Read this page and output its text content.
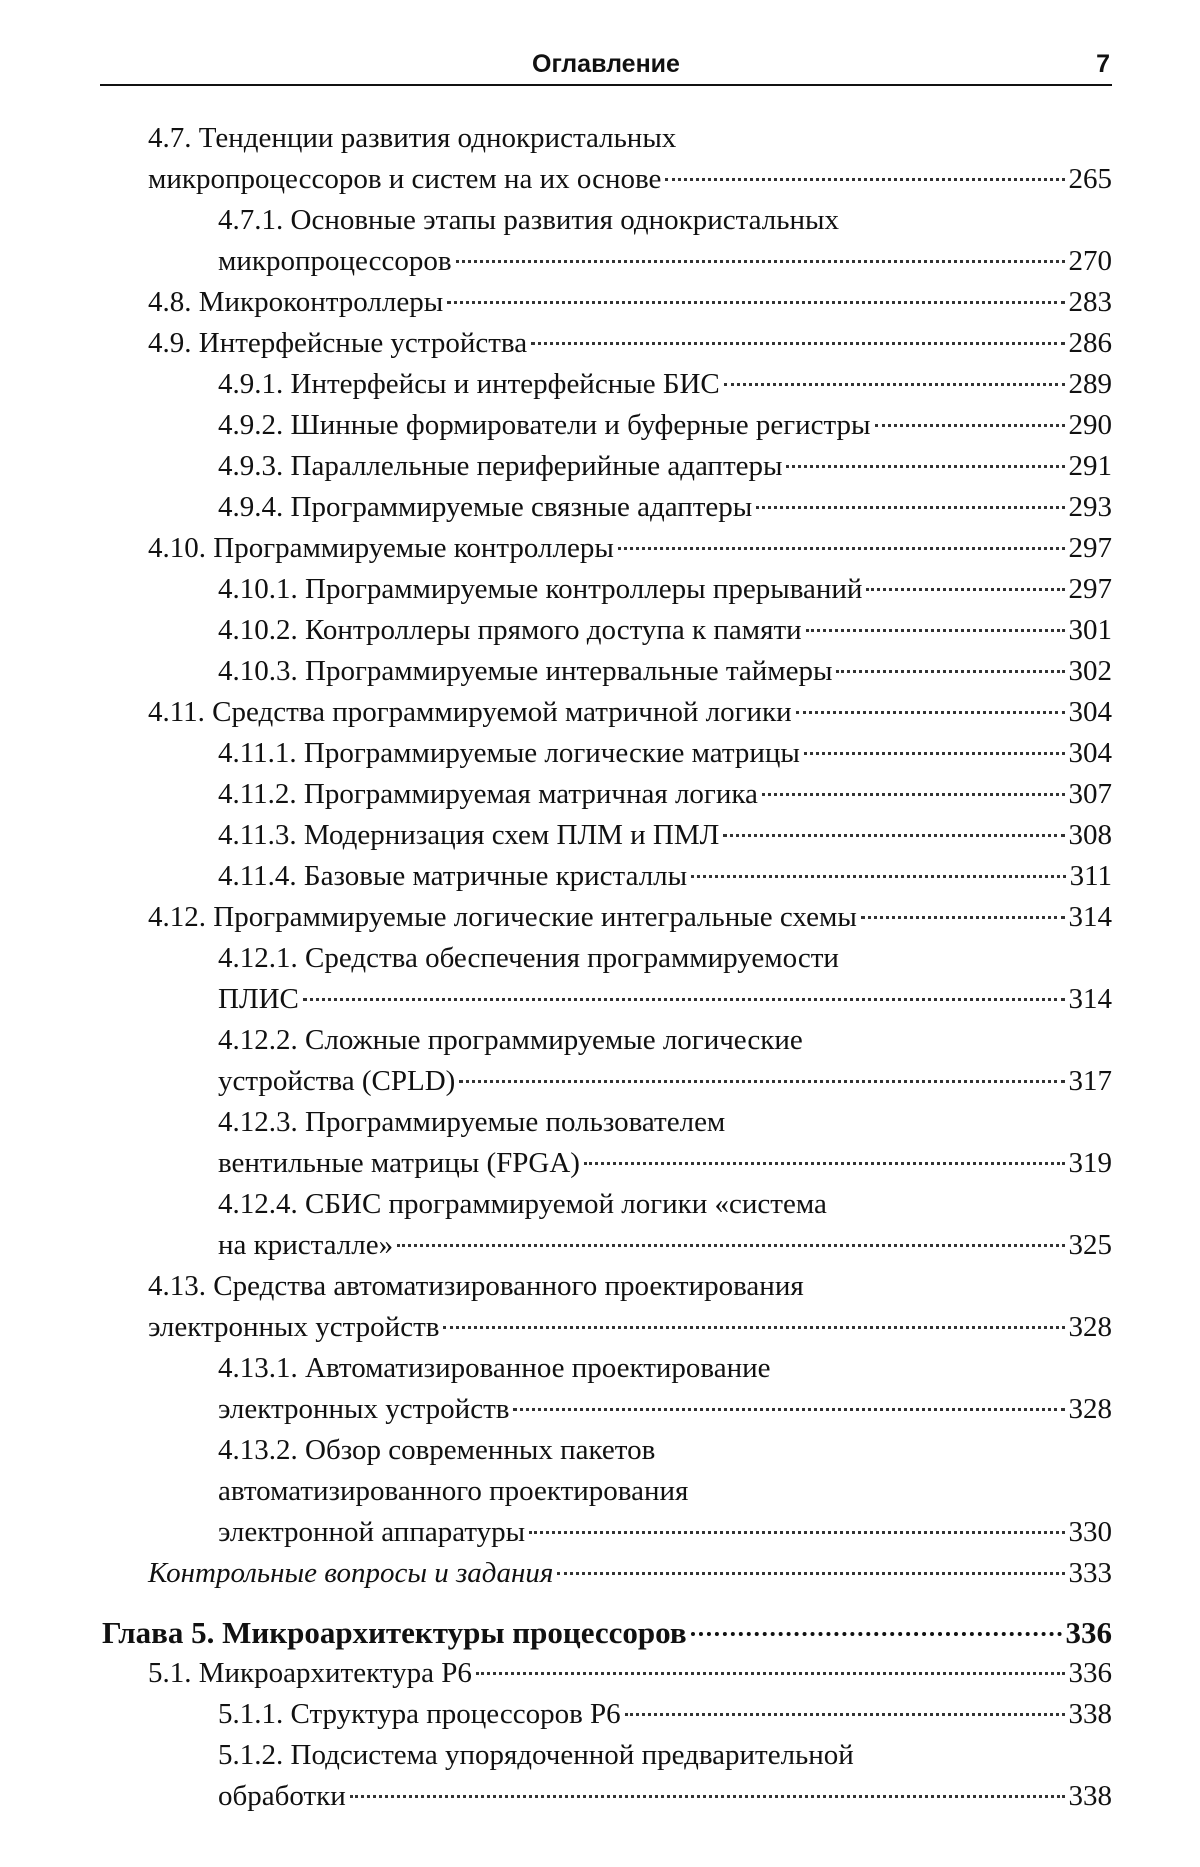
Оглавление	7
4.7. Тенденции развития однокристальных
микропроцессоров и систем на их основе	265
4.7.1. Основные этапы развития однокристальных
микропроцессоров	270
4.8. Микроконтроллеры	283
4.9. Интерфейсные устройства	286
4.9.1. Интерфейсы и интерфейсные БИС	289
4.9.2. Шинные формирователи и буферные регистры	290
4.9.3. Параллельные периферийные адаптеры	291
4.9.4. Программируемые связные адаптеры	293
4.10. Программируемые контроллеры	297
4.10.1. Программируемые контроллеры прерываний	297
4.10.2. Контроллеры прямого доступа к памяти	301
4.10.3. Программируемые интервальные таймеры	302
4.11. Средства программируемой матричной логики	304
4.11.1. Программируемые логические матрицы	304
4.11.2. Программируемая матричная логика	307
4.11.3. Модернизация схем ПЛМ и ПМЛ	308
4.11.4. Базовые матричные кристаллы	311
4.12. Программируемые логические интегральные схемы	314
4.12.1. Средства обеспечения программируемости
ПЛИС	314
4.12.2. Сложные программируемые логические
устройства (CPLD)	317
4.12.3. Программируемые пользователем
вентильные матрицы (FPGA)	319
4.12.4. СБИС программируемой логики «система
на кристалле»	325
4.13. Средства автоматизированного проектирования
электронных устройств	328
4.13.1. Автоматизированное проектирование
электронных устройств	328
4.13.2. Обзор современных пакетов
автоматизированного проектирования
электронной аппаратуры	330
Контрольные вопросы и задания	333
Глава 5. Микроархитектуры процессоров	336
5.1. Микроархитектура Р6	336
5.1.1. Структура процессоров Р6	338
5.1.2. Подсистема упорядоченной предварительной
обработки	338
